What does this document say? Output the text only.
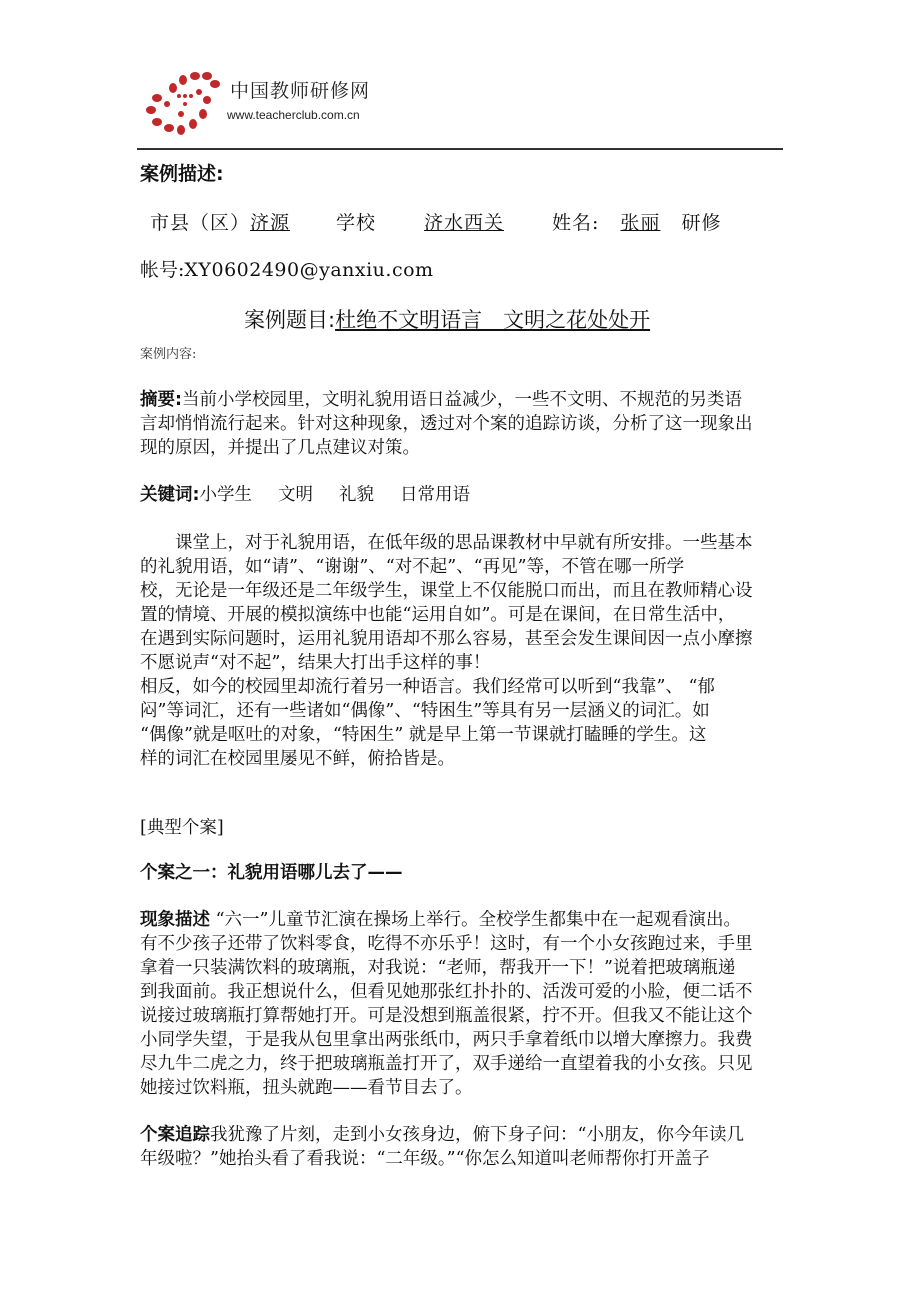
中国教师研修网
www.teacherclub.com.cn
案例描述:
市县（区）济源 学校	济水西关	姓名: 张丽 研修
帐号:XY0602490@yanxiu.com
案例题目:杜绝不文明语言　文明之花处处开
案例内容:
摘要:当前小学校园里，文明礼貌用语日益减少，一些不文明、不规范的另类语
言却悄悄流行起来。针对这种现象，透过对个案的追踪访谈，分析了这一现象出
现的原因，并提出了几点建议对策。
关键词:小学生 文明 礼貌 日常用语
　　课堂上，对于礼貌用语，在低年级的思品课教材中早就有所安排。一些基本
的礼貌用语，如“请”、“谢谢”、“对不起”、“再见”等，不管在哪一所学
校，无论是一年级还是二年级学生，课堂上不仅能脱口而出，而且在教师精心设
置的情境、开展的模拟演练中也能“运用自如”。可是在课间，在日常生活中，
在遇到实际问题时，运用礼貌用语却不那么容易，甚至会发生课间因一点小摩擦
不愿说声“对不起”，结果大打出手这样的事！
相反，如今的校园里却流行着另一种语言。我们经常可以听到“我靠”、 “郁
闷”等词汇，还有一些诸如“偶像”、“特困生”等具有另一层涵义的词汇。如
“偶像”就是呕吐的对象，“特困生” 就是早上第一节课就打瞌睡的学生。这
样的词汇在校园里屡见不鲜，俯拾皆是。
[典型个案]
个案之一：礼貌用语哪儿去了——
现象描述 “六一”儿童节汇演在操场上举行。全校学生都集中在一起观看演出。
有不少孩子还带了饮料零食，吃得不亦乐乎！这时，有一个小女孩跑过来，手里
拿着一只装满饮料的玻璃瓶，对我说：“老师，帮我开一下！”说着把玻璃瓶递
到我面前。我正想说什么，但看见她那张红扑扑的、活泼可爱的小脸，便二话不
说接过玻璃瓶打算帮她打开。可是没想到瓶盖很紧，拧不开。但我又不能让这个
小同学失望，于是我从包里拿出两张纸巾，两只手拿着纸巾以增大摩擦力。我费
尽九牛二虎之力，终于把玻璃瓶盖打开了，双手递给一直望着我的小女孩。只见
她接过饮料瓶，扭头就跑——看节目去了。
个案追踪我犹豫了片刻，走到小女孩身边，俯下身子问：“小朋友，你今年读几
年级啦？”她抬头看了看我说：“二年级。”“你怎么知道叫老师帮你打开盖子
